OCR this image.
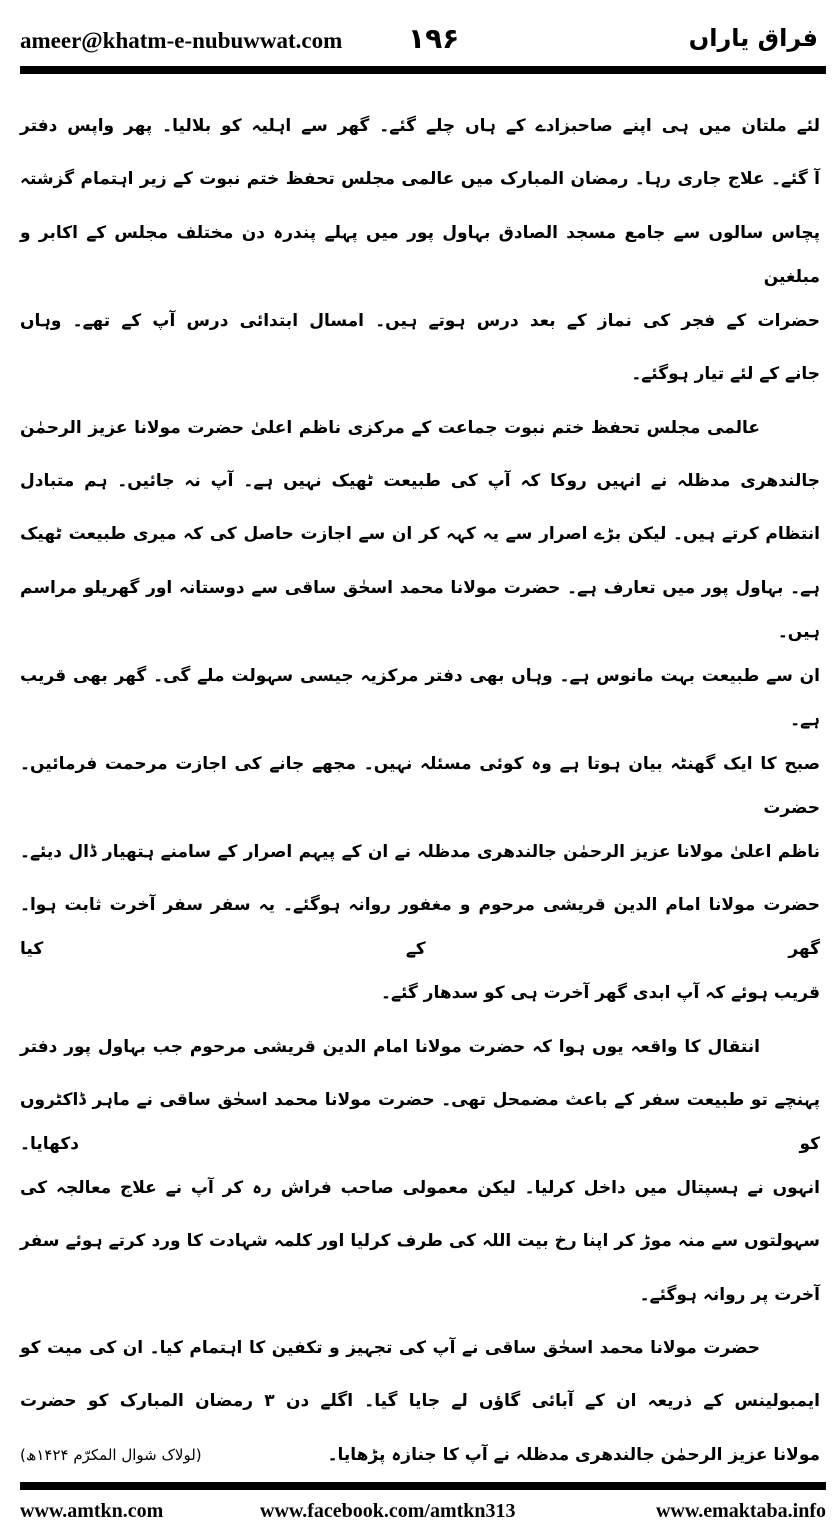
ameer@khatm-e-nubuwwat.com ۱۹۶	فراق یاراں
لئے ملتان میں ہی اپنے صاحبزادے کے ہاں چلے گئے۔ گھر سے اہلیہ کو بلالیا۔ پھر واپس دفتر
آ گئے۔ علاج جاری رہا۔ رمضان المبارک میں عالمی مجلس تحفظ ختم نبوت کے زیر اہتمام گزشتہ
پچاس سالوں سے جامع مسجد الصادق بہاول پور میں پہلے پندرہ دن مختلف مجلس کے اکابر و مبلغین
حضرات کے فجر کی نماز کے بعد درس ہوتے ہیں۔ امسال ابتدائی درس آپ کے تھے۔ وہاں
جانے کے لئے تیار ہوگئے۔
عالمی مجلس تحفظ ختم نبوت جماعت کے مرکزی ناظم اعلیٰ حضرت مولانا عزیز الرحمٰن
جالندھری مدظلہ نے انہیں روکا کہ آپ کی طبیعت ٹھیک نہیں ہے۔ آپ نہ جائیں۔ ہم متبادل
انتظام کرتے ہیں۔ لیکن بڑے اصرار سے یہ کہہ کر ان سے اجازت حاصل کی کہ میری طبیعت ٹھیک
ہے۔ بہاول پور میں تعارف ہے۔ حضرت مولانا محمد اسحٰق ساقی سے دوستانہ اور گھریلو مراسم ہیں۔
ان سے طبیعت بہت مانوس ہے۔ وہاں بھی دفتر مرکزیہ جیسی سہولت ملے گی۔ گھر بھی قریب ہے۔
صبح کا ایک گھنٹہ بیان ہوتا ہے وہ کوئی مسئلہ نہیں۔ مجھے جانے کی اجازت مرحمت فرمائیں۔ حضرت
ناظم اعلیٰ مولانا عزیز الرحمٰن جالندھری مدظلہ نے ان کے پیہم اصرار کے سامنے ہتھیار ڈال دیئے۔
حضرت مولانا امام الدین قریشی مرحوم و مغفور روانہ ہوگئے۔ یہ سفر سفر آخرت ثابت ہوا۔ گھر کے کیا
قریب ہوئے کہ آپ ابدی گھر آخرت ہی کو سدھار گئے۔
انتقال کا واقعہ یوں ہوا کہ حضرت مولانا امام الدین قریشی مرحوم جب بہاول پور دفتر
پہنچے تو طبیعت سفر کے باعث مضمحل تھی۔ حضرت مولانا محمد اسحٰق ساقی نے ماہر ڈاکٹروں کو دکھایا۔
انہوں نے ہسپتال میں داخل کرلیا۔ لیکن معمولی صاحب فراش رہ کر آپ نے علاج معالجہ کی
سہولتوں سے منہ موڑ کر اپنا رخ بیت اللہ کی طرف کرلیا اور کلمہ شہادت کا ورد کرتے ہوئے سفر
آخرت پر روانہ ہوگئے۔
حضرت مولانا محمد اسحٰق ساقی نے آپ کی تجہیز و تکفین کا اہتمام کیا۔ ان کی میت کو
ایمبولینس کے ذریعہ ان کے آبائی گاؤں لے جایا گیا۔ اگلے دن ۳ رمضان المبارک کو حضرت
مولانا عزیز الرحمٰن جالندھری مدظلہ نے آپ کا جنازہ پڑھایا۔
(لولاک شوال المکرّم ۱۴۲۴ھ)
www.amtkn.com	www.facebook.com/amtkn313	www.emaktaba.info
